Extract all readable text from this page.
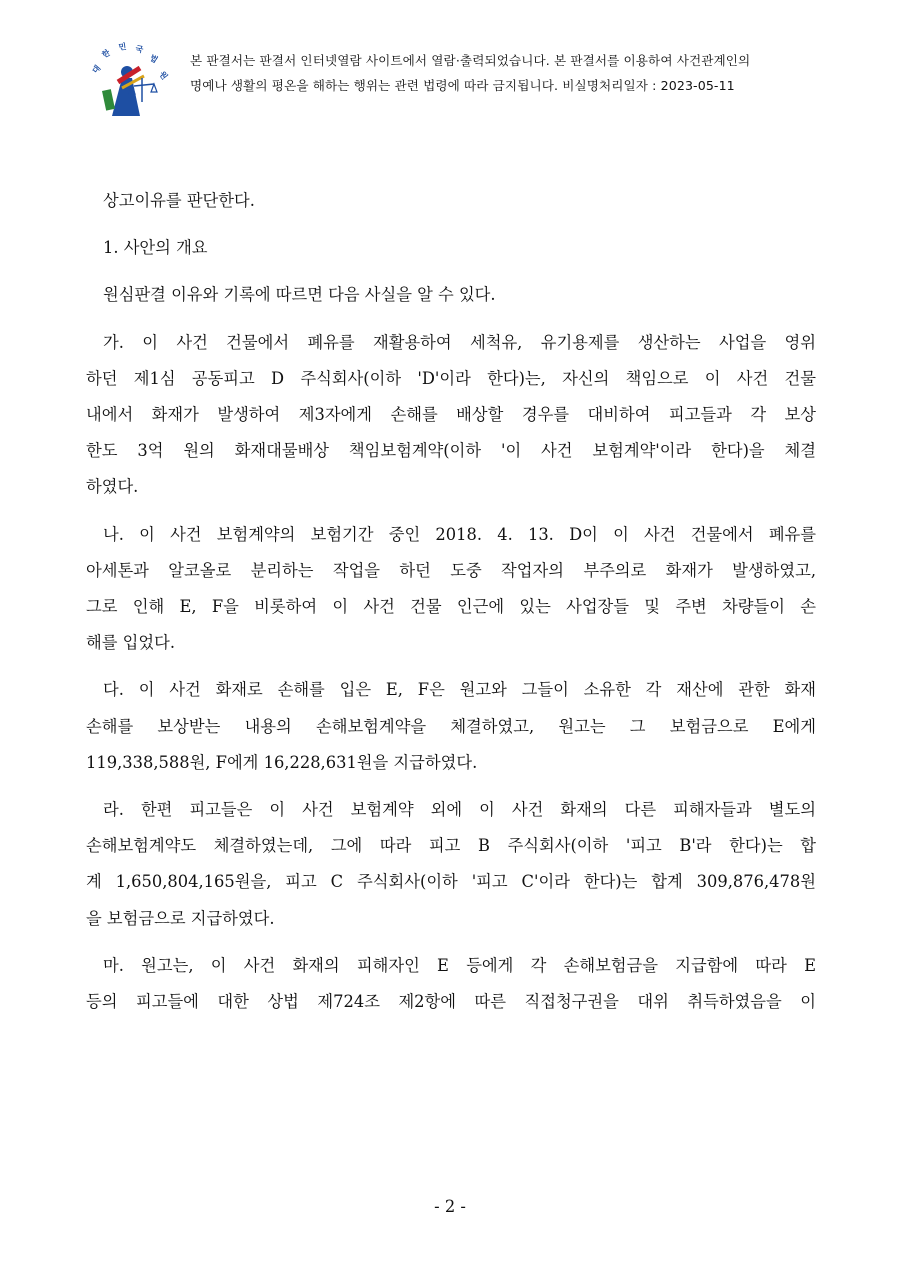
대
한
민 국
법
원
본 판결서는 판결서 인터넷열람 사이트에서 열람·출력되었습니다. 본 판결서를 이용하여 사건관계인의
명예나 생활의 평온을 해하는 행위는 관련 법령에 따라 금지됩니다. 비실명처리일자 : 2023-05-11
상고이유를 판단한다.
1. 사안의 개요
원심판결 이유와 기록에 따르면 다음 사실을 알 수 있다.
가. 이 사건 건물에서 폐유를 재활용하여 세척유, 유기용제를 생산하는 사업을 영위
하던 제1심 공동피고 D 주식회사(이하 'D'이라 한다)는, 자신의 책임으로 이 사건 건물
내에서 화재가 발생하여 제3자에게 손해를 배상할 경우를 대비하여 피고들과 각 보상
한도 3억 원의 화재대물배상 책임보험계약(이하 '이 사건 보험계약'이라 한다)을 체결
하였다.
나. 이 사건 보험계약의 보험기간 중인 2018. 4. 13. D이 이 사건 건물에서 폐유를
아세톤과 알코올로 분리하는 작업을 하던 도중 작업자의 부주의로 화재가 발생하였고,
그로 인해 E, F을 비롯하여 이 사건 건물 인근에 있는 사업장들 및 주변 차량들이 손
해를 입었다.
다. 이 사건 화재로 손해를 입은 E, F은 원고와 그들이 소유한 각 재산에 관한 화재
손해를 보상받는 내용의 손해보험계약을 체결하였고, 원고는 그 보험금으로 E에게
119,338,588원, F에게 16,228,631원을 지급하였다.
라. 한편 피고들은 이 사건 보험계약 외에 이 사건 화재의 다른 피해자들과 별도의
손해보험계약도 체결하였는데, 그에 따라 피고 B 주식회사(이하 '피고 B'라 한다)는 합
계 1,650,804,165원을, 피고 C 주식회사(이하 '피고 C'이라 한다)는 합계 309,876,478원
을 보험금으로 지급하였다.
마. 원고는, 이 사건 화재의 피해자인 E 등에게 각 손해보험금을 지급함에 따라 E
등의 피고들에 대한 상법 제724조 제2항에 따른 직접청구권을 대위 취득하였음을 이
- 2 -
